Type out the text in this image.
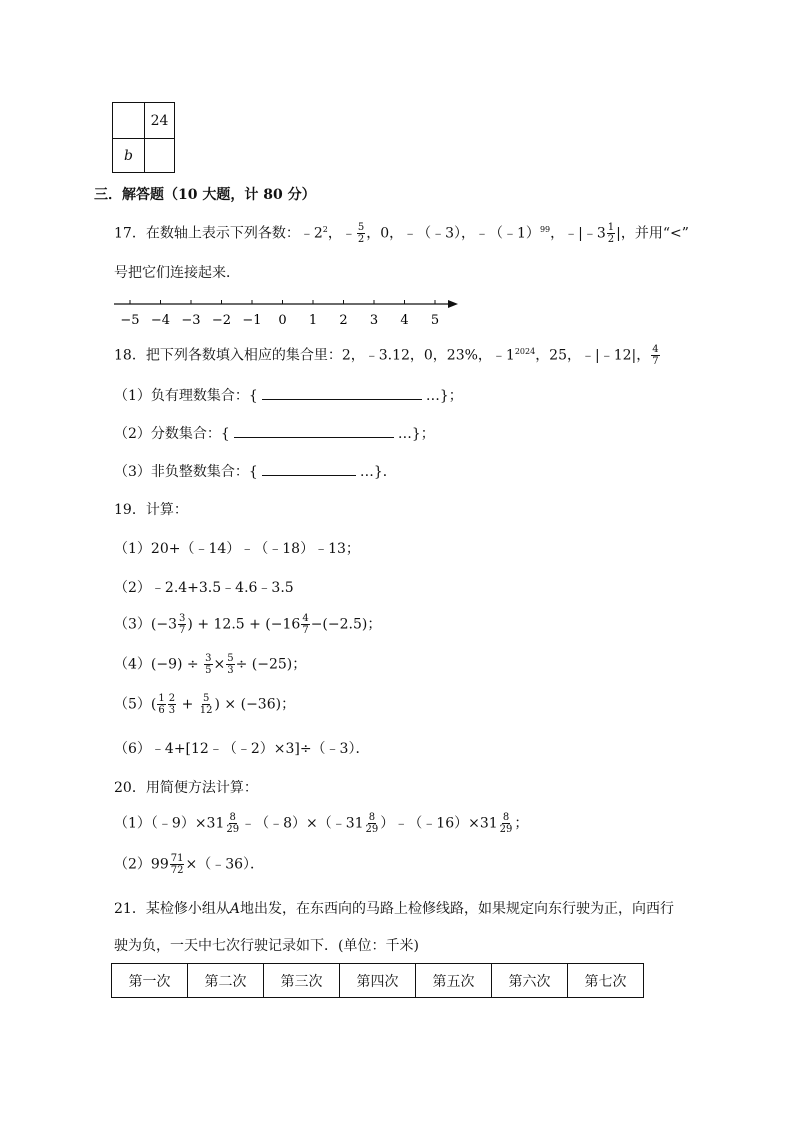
	24
b	
三．解答题（10 大题，计 80 分）
17．在数轴上表示下列各数：$﹣2^2$，﹣ $\frac{5}{2}$ ，0，﹣（﹣3），﹣（﹣1）$^{99}$，﹣|﹣3 $\frac{1}{2}$ |，并用“<”
号把它们连接起来．
−5 −4 −3 −2 −1 0 1 2 3 4 5
18．把下列各数填入相应的集合里：2，﹣3.12，0，23%，$﹣1^{2024}$，25，﹣|﹣12|， $\frac{4}{7}$
（1）负有理数集合：{	…}；
（2）分数集合：{	…}；
（3）非负整数集合：{	…}．
19．计算：
（1）20+（﹣14）﹣（﹣18）﹣13；
（2）﹣2.4+3.5﹣4.6﹣3.5
$(3)(-3 \frac{3}{7}$ ) + $12.5 + (-16 \frac{4}{7} -(-2.5)$；
$(4)(-9) \div \frac{3}{5} \times \frac{5}{3} \div (-25)$；
$(5)( \frac{1}{6} \frac{2}{3} + \frac{5}{12}$ ) × (−36)；
（6）﹣4+[12﹣（﹣2）×3]÷（﹣3）．
20．用简便方法计算：
（1）（﹣9）×31 $\frac{8}{29}$ ﹣（﹣8）×（﹣31 $\frac{8}{29}$ ）﹣（﹣16）×31 $\frac{8}{29}$ ；
$(2)99 \frac{71}{72}$ ×（﹣36）．
21．某检修小组从A地出发，在东西向的马路上检修线路，如果规定向东行驶为正，向西行
驶为负，一天中七次行驶记录如下．(单位：千米)
第一次	第二次	第三次	第四次	第五次	第六次	第七次
